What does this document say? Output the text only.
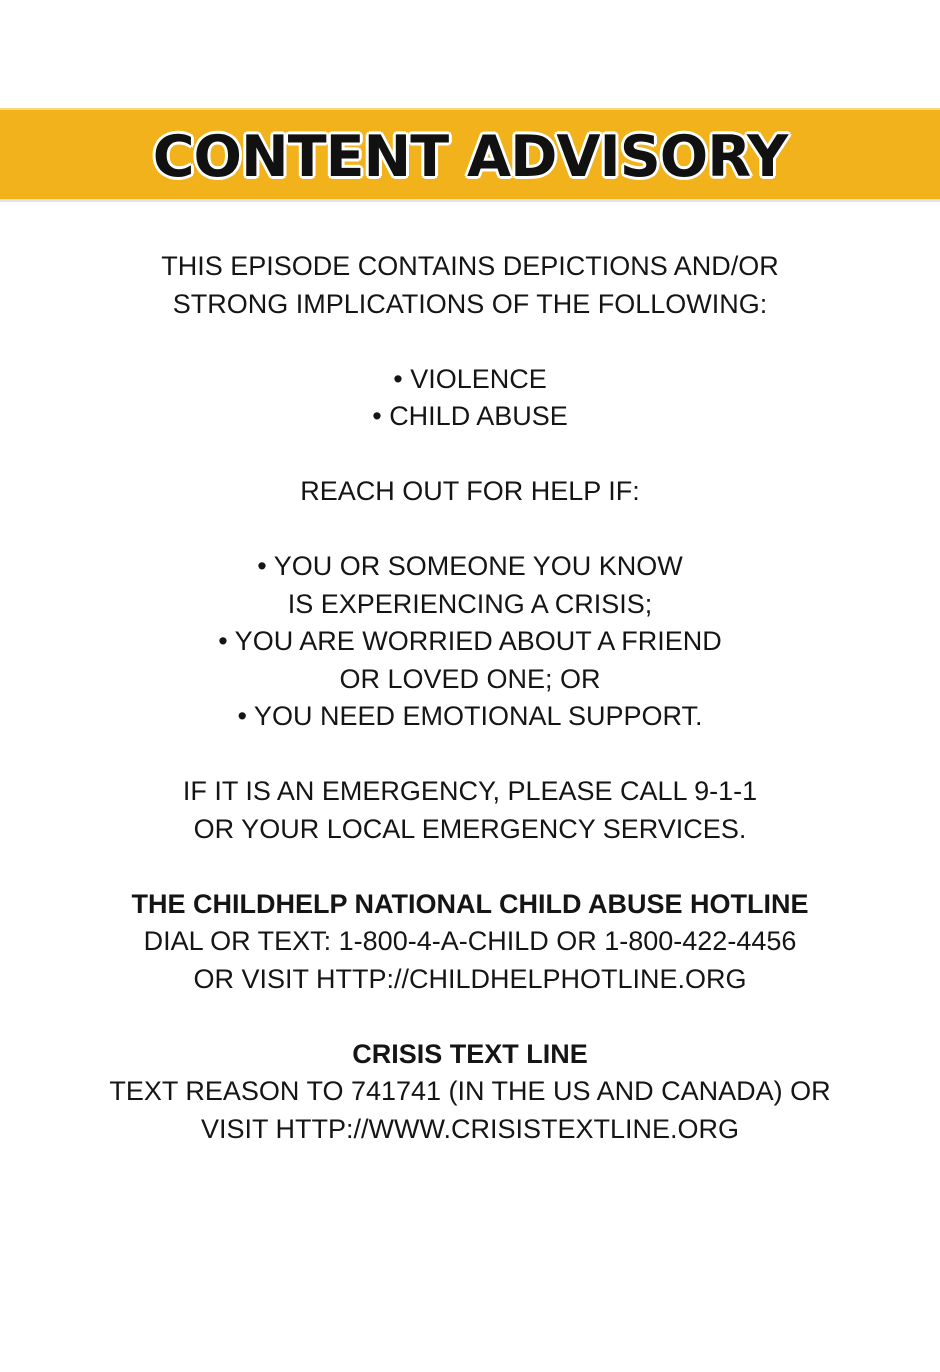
CONTENT ADVISORY
THIS EPISODE CONTAINS DEPICTIONS AND/OR
STRONG IMPLICATIONS OF THE FOLLOWING:
• VIOLENCE
• CHILD ABUSE
REACH OUT FOR HELP IF:
• YOU OR SOMEONE YOU KNOW
IS EXPERIENCING A CRISIS;
• YOU ARE WORRIED ABOUT A FRIEND
OR LOVED ONE; OR
• YOU NEED EMOTIONAL SUPPORT.
IF IT IS AN EMERGENCY, PLEASE CALL 9-1-1
OR YOUR LOCAL EMERGENCY SERVICES.
THE CHILDHELP NATIONAL CHILD ABUSE HOTLINE
DIAL OR TEXT: 1-800-4-A-CHILD OR 1-800-422-4456
OR VISIT HTTP://CHILDHELPHOTLINE.ORG
CRISIS TEXT LINE
TEXT REASON TO 741741 (IN THE US AND CANADA) OR
VISIT HTTP://WWW.CRISISTEXTLINE.ORG
